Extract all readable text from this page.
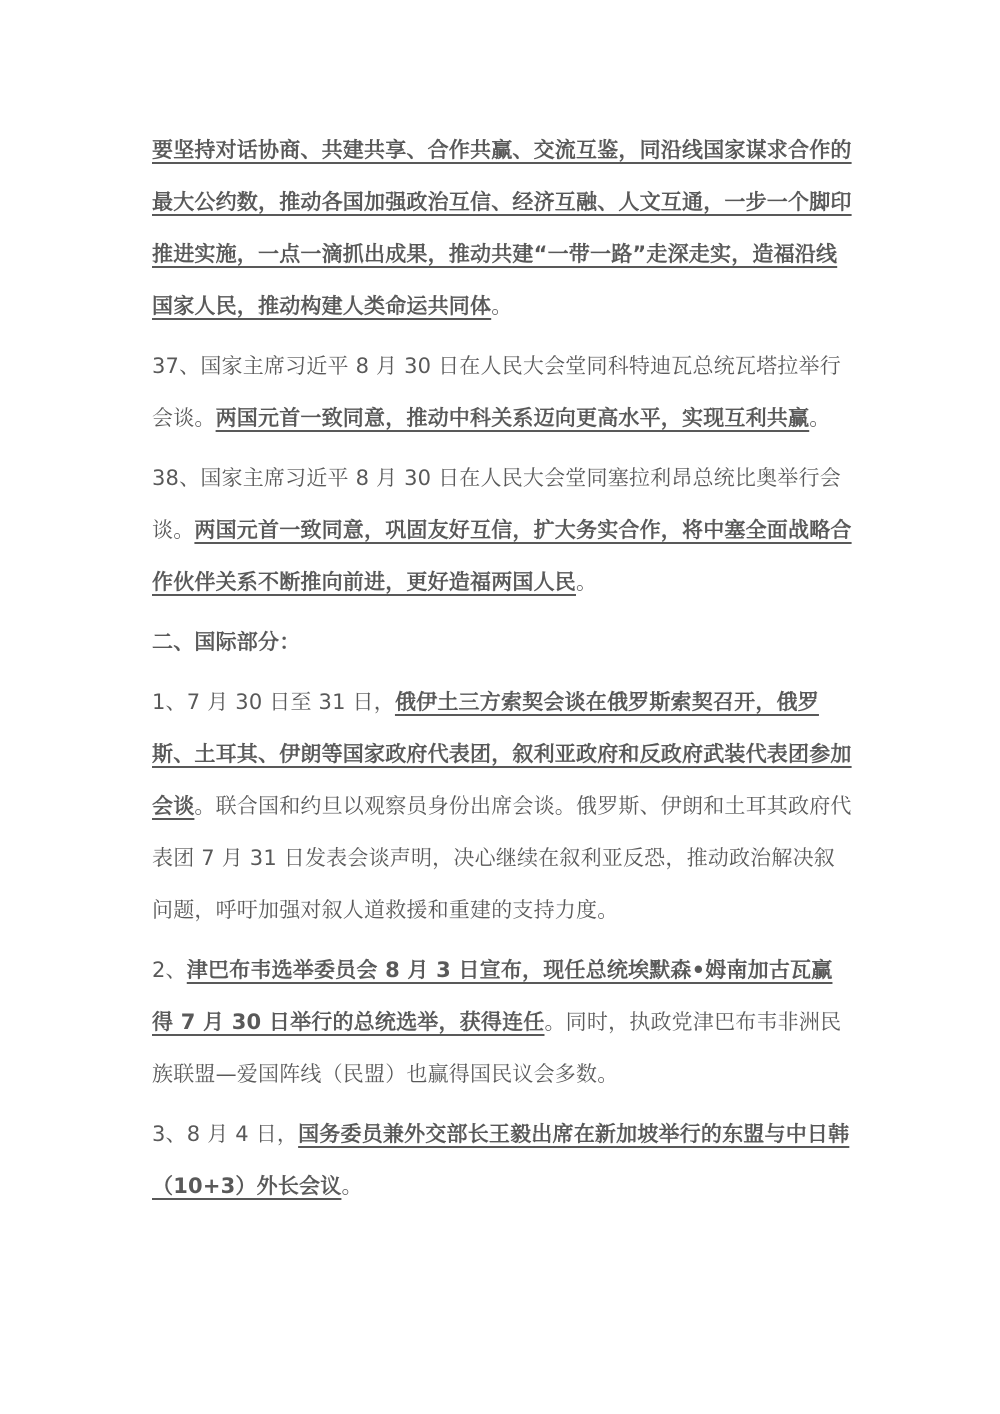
要坚持对话协商、共建共享、合作共赢、交流互鉴，同沿线国家谋求合作的最大公约数，推动各国加强政治互信、经济互融、人文互通，一步一个脚印推进实施，一点一滴抓出成果，推动共建“一带一路”走深走实，造福沿线国家人民，推动构建人类命运共同体。

37、国家主席习近平 8 月 30 日在人民大会堂同科特迪瓦总统瓦塔拉举行会谈。两国元首一致同意，推动中科关系迈向更高水平，实现互利共赢。

38、国家主席习近平 8 月 30 日在人民大会堂同塞拉利昂总统比奥举行会谈。两国元首一致同意，巩固友好互信，扩大务实合作，将中塞全面战略合作伙伴关系不断推向前进，更好造福两国人民。

二、国际部分：

1、7 月 30 日至 31 日，俄伊土三方索契会谈在俄罗斯索契召开，俄罗斯、土耳其、伊朗等国家政府代表团，叙利亚政府和反政府武装代表团参加会谈。联合国和约旦以观察员身份出席会谈。俄罗斯、伊朗和土耳其政府代表团 7 月 31 日发表会谈声明，决心继续在叙利亚反恐，推动政治解决叙问题，呼吁加强对叙人道救援和重建的支持力度。

2、津巴布韦选举委员会 8 月 3 日宣布，现任总统埃默森•姆南加古瓦赢得 7 月 30 日举行的总统选举，获得连任。同时，执政党津巴布韦非洲民族联盟—爱国阵线（民盟）也赢得国民议会多数。

3、8 月 4 日，国务委员兼外交部长王毅出席在新加坡举行的东盟与中日韩（10+3）外长会议。
